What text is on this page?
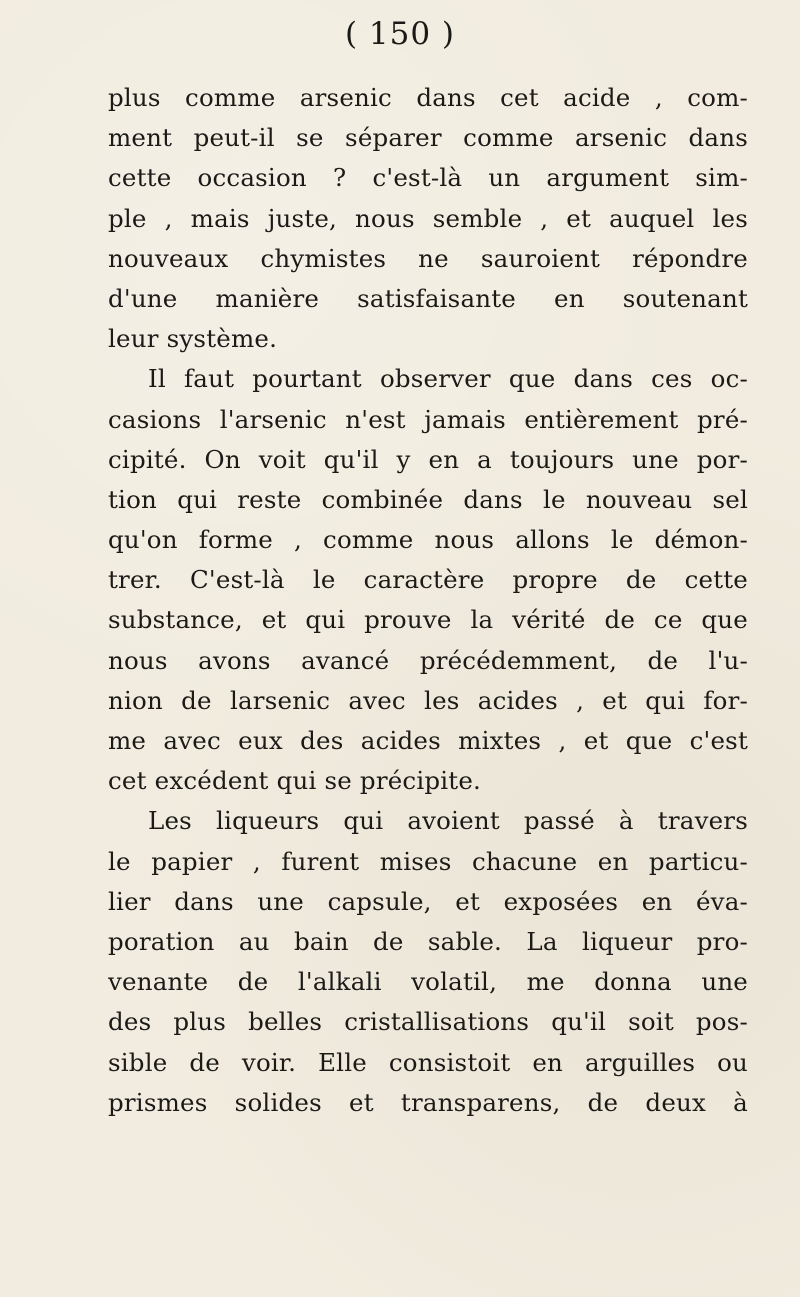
( 150 )
plus comme arsenic dans cet acide , com-
ment peut-il se séparer comme arsenic dans
cette occasion ? c'est-là un argument sim-
ple , mais juste, nous semble , et auquel les
nouveaux chymistes ne sauroient répondre
d'une manière satisfaisante en soutenant
leur système.
Il faut pourtant observer que dans ces oc-
casions l'arsenic n'est jamais entièrement pré-
cipité. On voit qu'il y en a toujours une por-
tion qui reste combinée dans le nouveau sel
qu'on forme , comme nous allons le démon-
trer. C'est-là le caractère propre de cette
substance, et qui prouve la vérité de ce que
nous avons avancé précédemment, de l'u-
nion de larsenic avec les acides , et qui for-
me avec eux des acides mixtes , et que c'est
cet excédent qui se précipite.
Les liqueurs qui avoient passé à travers
le papier , furent mises chacune en particu-
lier dans une capsule, et exposées en éva-
poration au bain de sable. La liqueur pro-
venante de l'alkali volatil, me donna une
des plus belles cristallisations qu'il soit pos-
sible de voir. Elle consistoit en arguilles ou
prismes solides et transparens, de deux à
